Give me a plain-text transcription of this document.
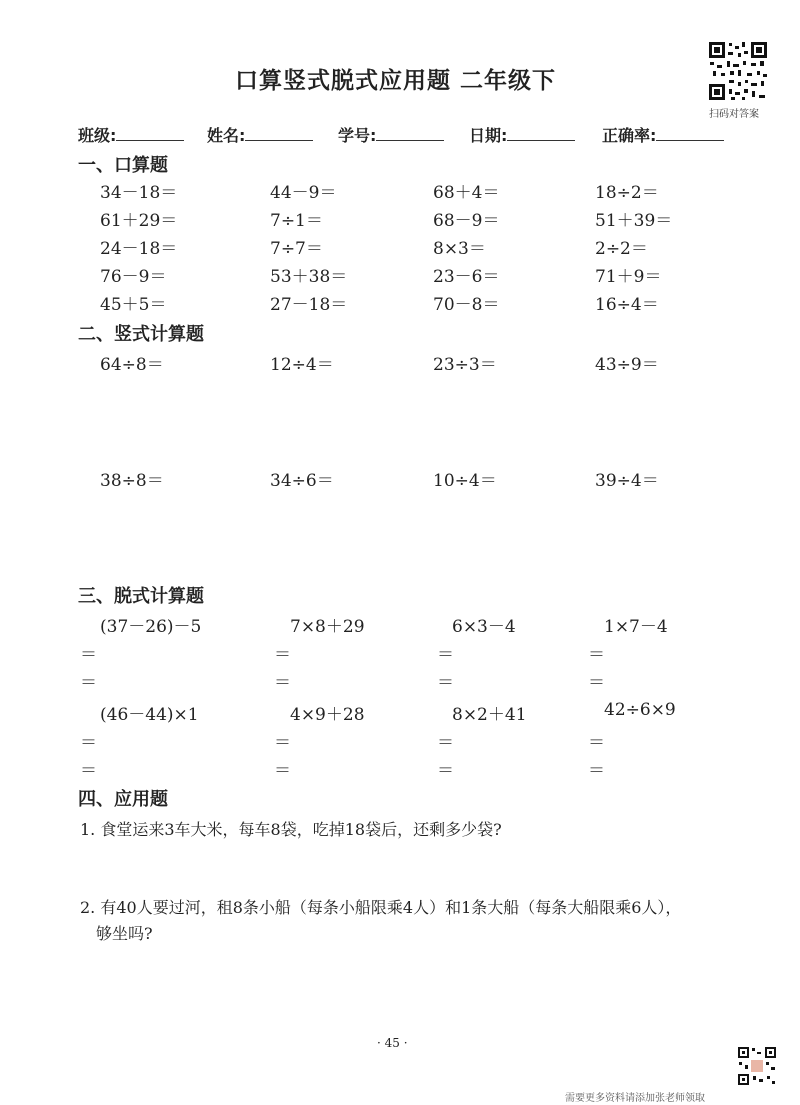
口算竖式脱式应用题 二年级下
扫码对答案
班级:	姓名:	学号:	日期:	正确率:
一、口算题
34－18＝	44－9＝	68＋4＝	18÷2＝
61＋29＝	7÷1＝	68－9＝	51＋39＝
24－18＝	7÷7＝	8×3＝	2÷2＝
76－9＝	53＋38＝	23－6＝	71＋9＝
45＋5＝	27－18＝	70－8＝	16÷4＝
二、竖式计算题
64÷8＝	12÷4＝	23÷3＝	43÷9＝
38÷8＝	34÷6＝	10÷4＝	39÷4＝
三、脱式计算题
(37－26)－5	7×8＋29	6×3－4	1×7－4
＝	＝	＝	＝
＝	＝	＝	＝
(46－44)×1	4×9＋28	8×2＋41	42÷6×9
＝	＝	＝	＝
＝	＝	＝	＝
四、应用题
1. 食堂运来3车大米，每车8袋，吃掉18袋后，还剩多少袋?
2. 有40人要过河，租8条小船（每条小船限乘4人）和1条大船（每条大船限乘6人），
够坐吗?
· 45 ·
需要更多资料请添加张老师领取
